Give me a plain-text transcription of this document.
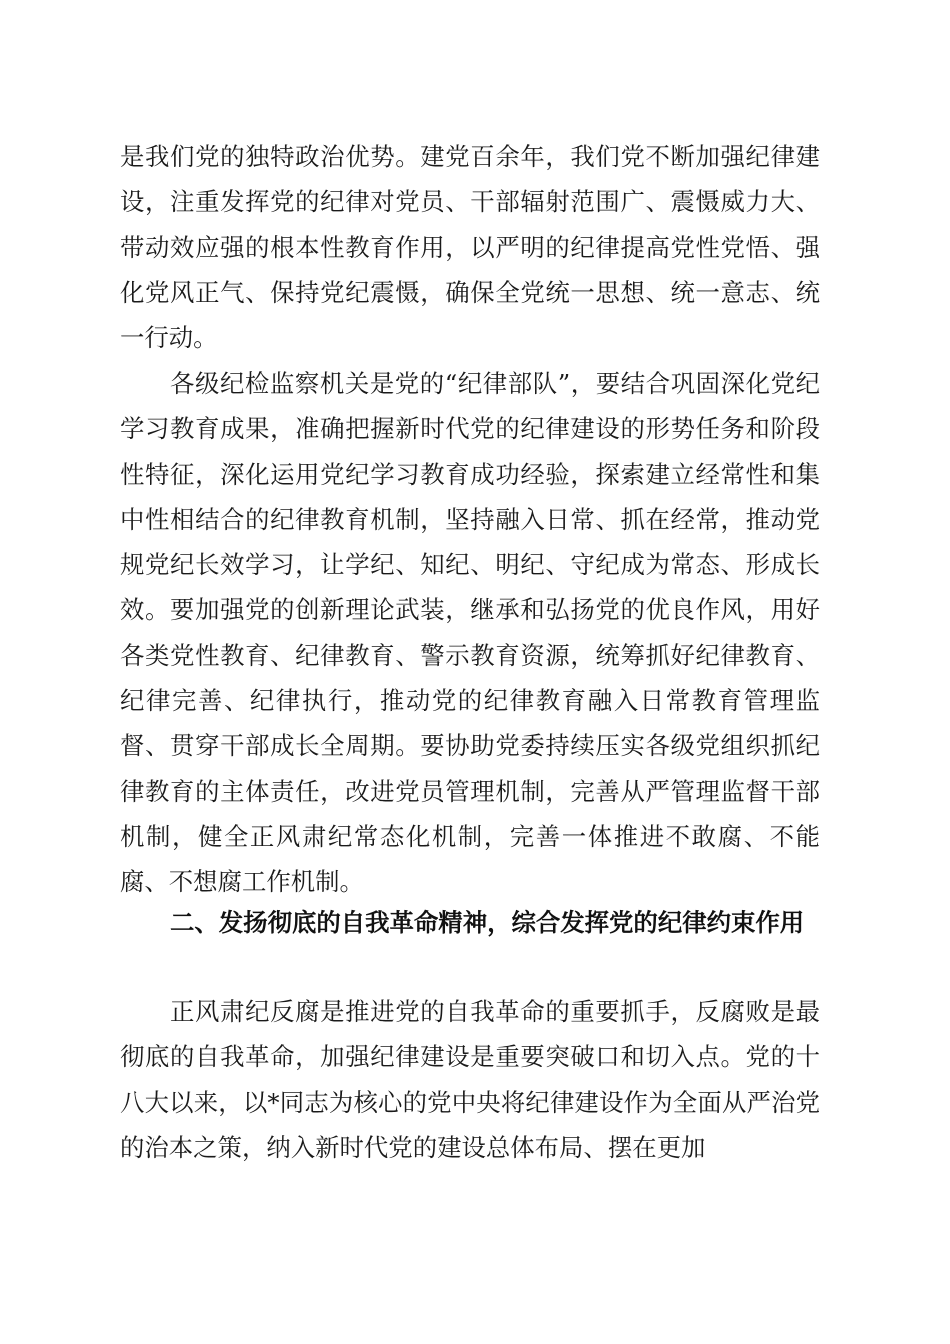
是我们党的独特政治优势。建党百余年，我们党不断加强纪律建设，注重发挥党的纪律对党员、干部辐射范围广、震慑威力大、带动效应强的根本性教育作用，以严明的纪律提高党性党悟、强化党风正气、保持党纪震慑，确保全党统一思想、统一意志、统一行动。

各级纪检监察机关是党的“纪律部队”，要结合巩固深化党纪学习教育成果，准确把握新时代党的纪律建设的形势任务和阶段性特征，深化运用党纪学习教育成功经验，探索建立经常性和集中性相结合的纪律教育机制，坚持融入日常、抓在经常，推动党规党纪长效学习，让学纪、知纪、明纪、守纪成为常态、形成长效。要加强党的创新理论武装，继承和弘扬党的优良作风，用好各类党性教育、纪律教育、警示教育资源，统筹抓好纪律教育、纪律完善、纪律执行，推动党的纪律教育融入日常教育管理监督、贯穿干部成长全周期。要协助党委持续压实各级党组织抓纪律教育的主体责任，改进党员管理机制，完善从严管理监督干部机制，健全正风肃纪常态化机制，完善一体推进不敢腐、不能腐、不想腐工作机制。

二、发扬彻底的自我革命精神，综合发挥党的纪律约束作用

正风肃纪反腐是推进党的自我革命的重要抓手，反腐败是最彻底的自我革命，加强纪律建设是重要突破口和切入点。党的十八大以来，以*同志为核心的党中央将纪律建设作为全面从严治党的治本之策，纳入新时代党的建设总体布局、摆在更加
